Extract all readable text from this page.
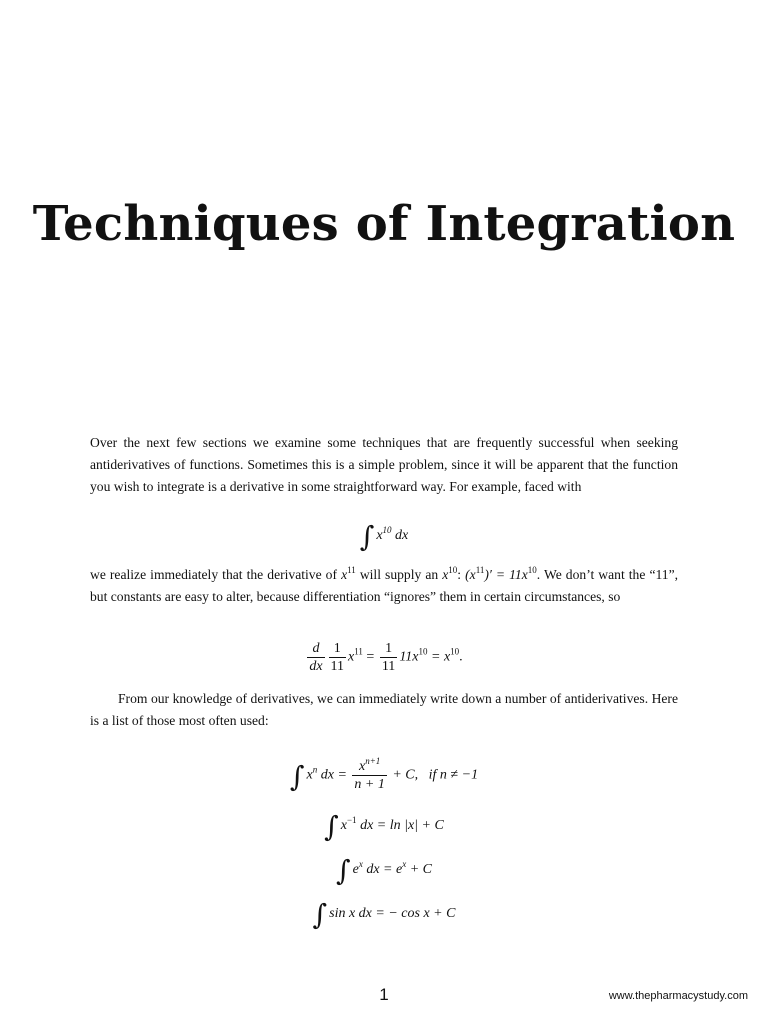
Techniques of Integration
Over the next few sections we examine some techniques that are frequently successful when seeking antiderivatives of functions. Sometimes this is a simple problem, since it will be apparent that the function you wish to integrate is a derivative in some straightforward way. For example, faced with
∫ $x^{10}$ dx
we realize immediately that the derivative of $x^{11}$ will supply an $x^{10}$: $(x^{11})' = 11x^{10}$. We don’t want the “11”, but constants are easy to alter, because differentiation “ignores” them in certain circumstances, so
$\frac{d}{dx} \frac{1}{11} x^{11} = \frac{1}{11} 11x^{10} = x^{10}$.
From our knowledge of derivatives, we can immediately write down a number of antiderivatives. Here is a list of those most often used:
∫ $x^n$ dx = $\frac{x^{n+1}}{n + 1} + C$, if n ≠ −1
∫ $x^{-1}$ dx = ln |x| + C
∫ $e^x$ dx = $e^x + C$
∫ sin x dx = − cos x + C
1	www.thepharmacystudy.com
